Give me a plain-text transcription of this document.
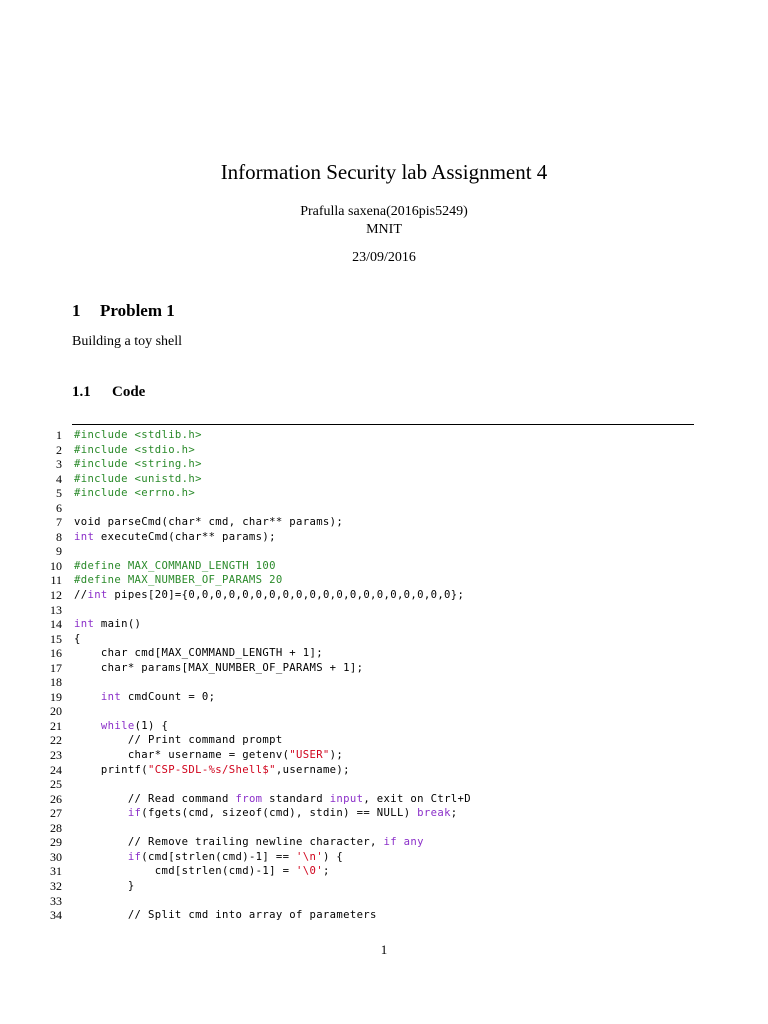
Information Security lab Assignment 4
Prafulla saxena(2016pis5249)
MNIT
23/09/2016
1 Problem 1
Building a toy shell
1.1 Code
1 #include <stdlib.h>
2 #include <stdio.h>
3 #include <string.h>
4 #include <unistd.h>
5 #include <errno.h>
6
7 void parseCmd(char* cmd, char** params);
8 int executeCmd(char** params);
9
10 #define MAX_COMMAND_LENGTH 100
11 #define MAX_NUMBER_OF_PARAMS 20
12 //int pipes[20]={0,0,0,0,0,0,0,0,0,0,0,0,0,0,0,0,0,0,0,0};
13
14 int main()
15 {
16 char cmd[MAX_COMMAND_LENGTH + 1];
17 char* params[MAX_NUMBER_OF_PARAMS + 1];
18
19	int cmdCount = 0;
20
21	while(1) {
22 // Print command prompt
23 char* username = getenv("USER");
24 printf("CSP-SDL-%s/Shell$",username);
25
26 // Read command from standard input, exit on Ctrl+D
27	if(fgets(cmd, sizeof(cmd), stdin) == NULL) break;
28
29 // Remove trailing newline character, if any
30	if(cmd[strlen(cmd)-1] == '\n') {
31 cmd[strlen(cmd)-1] = '\0';
32 }
33
34 // Split cmd into array of parameters
1
